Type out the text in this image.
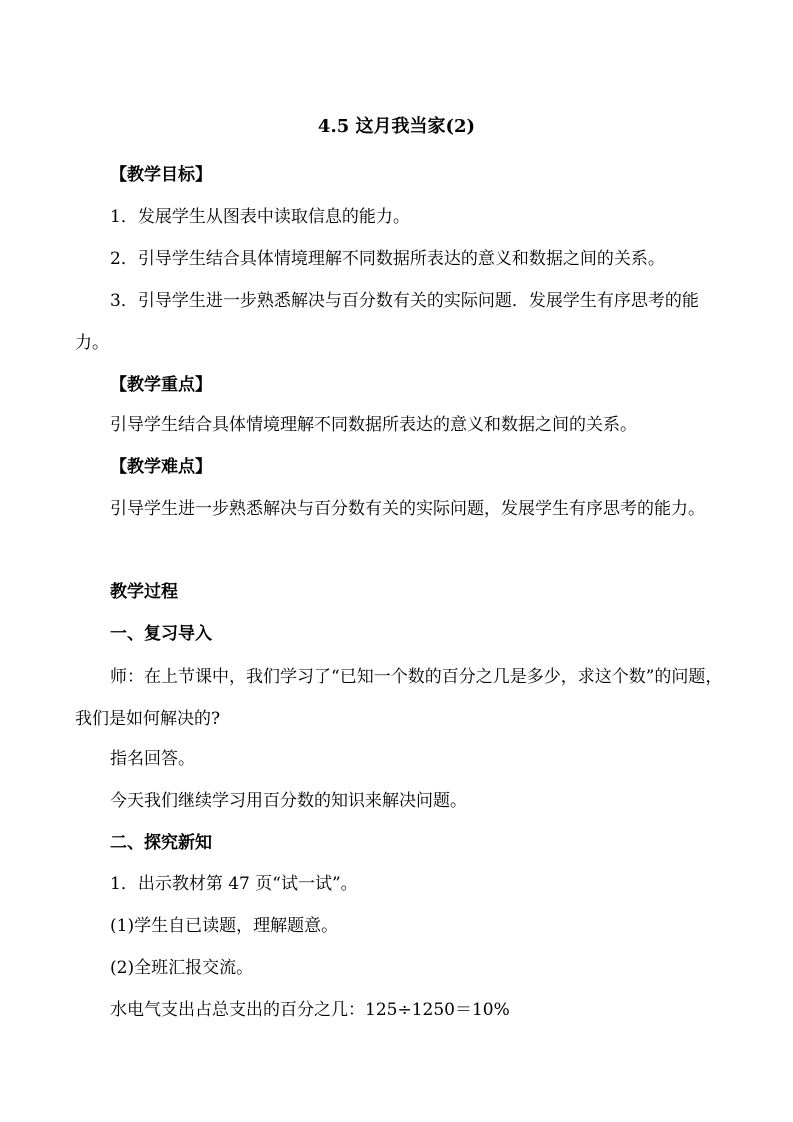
4.5 这月我当家(2)
【教学目标】
1．发展学生从图表中读取信息的能力。
2．引导学生结合具体情境理解不同数据所表达的意义和数据之间的关系。
3．引导学生进一步熟悉解决与百分数有关的实际问题．发展学生有序思考的能力。
【教学重点】
引导学生结合具体情境理解不同数据所表达的意义和数据之间的关系。
【教学难点】
引导学生进一步熟悉解决与百分数有关的实际问题，发展学生有序思考的能力。
教学过程
一、复习导入
师：在上节课中，我们学习了“已知一个数的百分之几是多少，求这个数”的问题，我们是如何解决的?
指名回答。
今天我们继续学习用百分数的知识来解决问题。
二、探究新知
1．出示教材第 47 页“试一试”。
(1)学生自已读题，理解题意。
(2)全班汇报交流。
水电气支出占总支出的百分之几：125÷1250＝10%
